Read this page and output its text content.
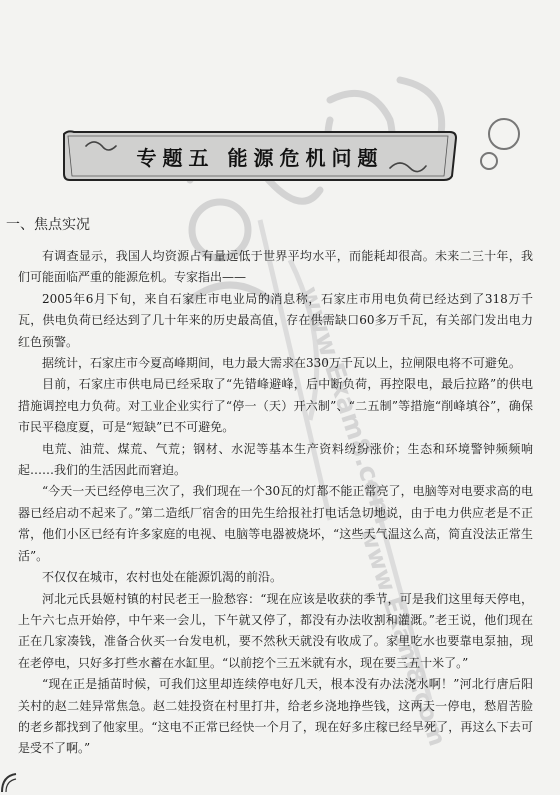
www.Exam8.com
www.Exam8.com
专题五 能源危机问题
一、焦点实况

有调查显示，我国人均资源占有量远低于世界平均水平，而能耗却很高。未来二三十年，我们可能面临严重的能源危机。专家指出——

2005年6月下旬，来自石家庄市电业局的消息称，石家庄市用电负荷已经达到了318万千瓦，供电负荷已经达到了几十年来的历史最高值，存在供需缺口60多万千瓦，有关部门发出电力红色预警。

据统计，石家庄市今夏高峰期间，电力最大需求在330万千瓦以上，拉闸限电将不可避免。

目前，石家庄市供电局已经采取了“先错峰避峰，后中断负荷，再控限电，最后拉路”的供电措施调控电力负荷。对工业企业实行了“停一（天）开六制”、“二五制”等措施“削峰填谷”，确保市民平稳度夏，可是“短缺”已不可避免。

电荒、油荒、煤荒、气荒；钢材、水泥等基本生产资料纷纷涨价；生态和环境警钟频频响起……我们的生活因此而窘迫。

“今天一天已经停电三次了，我们现在一个30瓦的灯都不能正常亮了，电脑等对电要求高的电器已经启动不起来了。”第二造纸厂宿舍的田先生给报社打电话急切地说，由于电力供应老是不正常，他们小区已经有许多家庭的电视、电脑等电器被烧坏，“这些天气温这么高，简直没法正常生活”。

不仅仅在城市，农村也处在能源饥渴的前沿。

河北元氏县姬村镇的村民老王一脸愁容：“现在应该是收获的季节，可是我们这里每天停电，上午六七点开始停，中午来一会儿，下午就又停了，都没有办法收割和灌溉。”老王说，他们现在正在几家凑钱，准备合伙买一台发电机，要不然秋天就没有收成了。家里吃水也要靠电泵抽，现在老停电，只好多打些水蓄在水缸里。“以前挖个三五米就有水，现在要三五十米了。”

“现在正是插苗时候，可我们这里却连续停电好几天，根本没有办法浇水啊！”河北行唐后阳关村的赵二娃异常焦急。赵二娃投资在村里打井，给老乡浇地挣些钱，这两天一停电，愁眉苦脸的老乡都找到了他家里。“这电不正常已经快一个月了，现在好多庄稼已经旱死了，再这么下去可是受不了啊。”
